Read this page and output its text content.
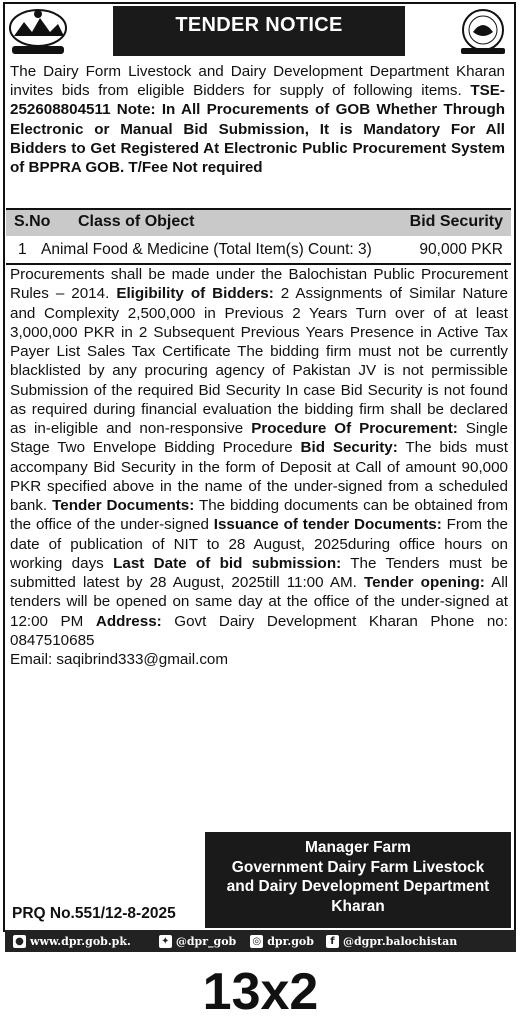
TENDER NOTICE
The Dairy Form Livestock and Dairy Development Department Kharan invites bids from eligible Bidders for supply of following items. TSE-252608804511 Note: In All Procurements of GOB Whether Through Electronic or Manual Bid Submission, It is Mandatory For All Bidders to Get Registered At Electronic Public Procurement System of BPPRA GOB. T/Fee Not required
S.No Class of Object	Bid Security
1 Animal Food & Medicine (Total Item(s) Count: 3)	90,000 PKR
Procurements shall be made under the Balochistan Public Procurement Rules – 2014. Eligibility of Bidders: 2 Assignments of Similar Nature and Complexity 2,500,000 in Previous 2 Years Turn over of at least 3,000,000 PKR in 2 Subsequent Previous Years Presence in Active Tax Payer List Sales Tax Certificate The bidding firm must not be currently blacklisted by any procuring agency of Pakistan JV is not permissible Submission of the required Bid Security In case Bid Security is not found as required during financial evaluation the bidding firm shall be declared as in-eligible and non-responsive Procedure Of Procurement: Single Stage Two Envelope Bidding Procedure Bid Security: The bids must accompany Bid Security in the form of Deposit at Call of amount 90,000 PKR specified above in the name of the under-signed from a scheduled bank. Tender Documents: The bidding documents can be obtained from the office of the under-signed Issuance of tender Documents: From the date of publication of NIT to 28 August, 2025during office hours on working days Last Date of bid submission: The Tenders must be submitted latest by 28 August, 2025till 11:00 AM. Tender opening: All tenders will be opened on same day at the office of the under-signed at 12:00 PM Address: Govt Dairy Development Kharan Phone no: 0847510685
Email: saqibrind333@gmail.com
Manager Farm
Government Dairy Farm Livestock
and Dairy Development Department
Kharan
PRQ No.551/12-8-2025
● www.dpr.gob.pk.	✦ @dpr_gob ◎ dpr.gob	f @dgpr.balochistan
13x2
